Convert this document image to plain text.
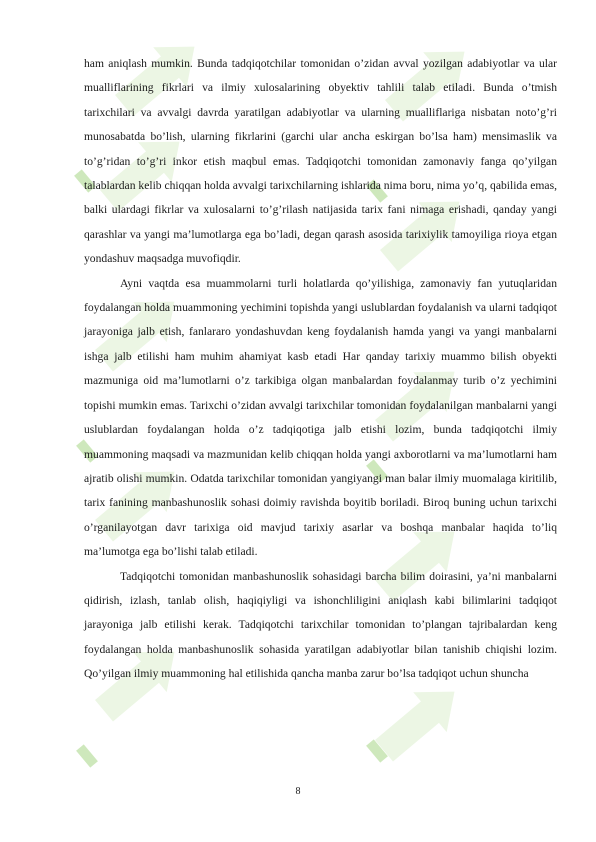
ham aniqlash mumkin. Bunda tadqiqotchilar tomonidan o’zidan avval yozilgan adabiyotlar va ular mualliflarining fikrlari va ilmiy xulosalarining obyektiv tahlili talab etiladi. Bunda o’tmish tarixchilari va avvalgi davrda yaratilgan adabiyotlar va ularning mualliflariga nisbatan noto’g’ri munosabatda bo’lish, ularning fikrlarini (garchi ular ancha eskirgan bo’lsa ham) mensimaslik va to’g’ridan to’g’ri inkor etish maqbul emas. Tadqiqotchi tomonidan zamonaviy fanga qo’yilgan talablardan kelib chiqqan holda avvalgi tarixchilarning ishlarida nima boru, nima yo’q, qabilida emas, balki ulardagi fikrlar va xulosalarni to’g’rilash natijasida tarix fani nimaga erishadi, qanday yangi qarashlar va yangi ma’lumotlarga ega bo’ladi, degan qarash asosida tarixiylik tamoyiliga rioya etgan yondashuv maqsadga muvofiqdir.

Ayni vaqtda esa muammolarni turli holatlarda qo’yilishiga, zamonaviy fan yutuqlaridan foydalangan holda muammoning yechimini topishda yangi uslublardan foydalanish va ularni tadqiqot jarayoniga jalb etish, fanlararo yondashuvdan keng foydalanish hamda yangi va yangi manbalarni ishga jalb etilishi ham muhim ahamiyat kasb etadi Har qanday tarixiy muammo bilish obyekti mazmuniga oid ma’lumotlarni o’z tarkibiga olgan manbalardan foydalanmay turib o’z yechimini topishi mumkin emas. Tarixchi o’zidan avvalgi tarixchilar tomonidan foydalanilgan manbalarni yangi uslublardan foydalangan holda o’z tadqiqotiga jalb etishi lozim, bunda tadqiqotchi ilmiy muammoning maqsadi va mazmunidan kelib chiqqan holda yangi axborotlarni va ma’lumotlarni ham ajratib olishi mumkin. Odatda tarixchilar tomonidan yangiyangi man balar ilmiy muomalaga kiritilib, tarix fanining manbashunoslik sohasi doimiy ravishda boyitib boriladi. Biroq buning uchun tarixchi o’rganilayotgan davr tarixiga oid mavjud tarixiy asarlar va boshqa manbalar haqida to’liq ma’lumotga ega bo’lishi talab etiladi.

Tadqiqotchi tomonidan manbashunoslik sohasidagi barcha bilim doirasini, ya’ni manbalarni qidirish, izlash, tanlab olish, haqiqiyligi va ishonchliligini aniqlash kabi bilimlarini tadqiqot jarayoniga jalb etilishi kerak. Tadqiqotchi tarixchilar tomonidan to’plangan tajribalardan keng foydalangan holda manbashunoslik sohasida yaratilgan adabiyotlar bilan tanishib chiqishi lozim. Qo’yilgan ilmiy muammoning hal etilishida qancha manba zarur bo’lsa tadqiqot uchun shuncha

8
